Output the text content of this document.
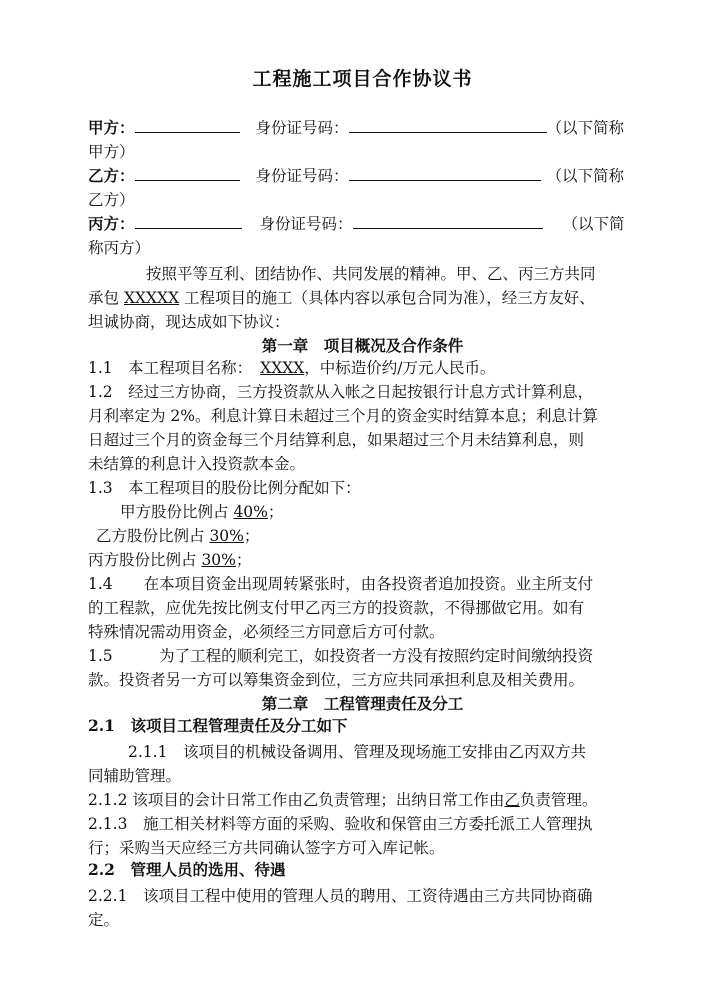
工程施工项目合作协议书
甲方：	身份证号码：	（以下简称
甲方）
乙方：	身份证号码：	（以下简称
乙方）
丙方：	身份证号码：	（以下简
称丙方）
按照平等互利、团结协作、共同发展的精神。甲、乙、丙三方共同
承包 XXXXX 工程项目的施工（具体内容以承包合同为准），经三方友好、
坦诚协商，现达成如下协议：
第一章　项目概况及合作条件
1.1　本工程项目名称： XXXX，中标造价约/万元人民币。
1.2　经过三方协商，三方投资款从入帐之日起按银行计息方式计算利息，
月利率定为 2%。利息计算日未超过三个月的资金实时结算本息；利息计算
日超过三个月的资金每三个月结算利息，如果超过三个月未结算利息，则
未结算的利息计入投资款本金。
1.3　本工程项目的股份比例分配如下：
甲方股份比例占 40%；
乙方股份比例占 30%；
丙方股份比例占 30%；
1.4　　在本项目资金出现周转紧张时，由各投资者追加投资。业主所支付
的工程款，应优先按比例支付甲乙丙三方的投资款，不得挪做它用。如有
特殊情况需动用资金，必须经三方同意后方可付款。
1.5　　　为了工程的顺利完工，如投资者一方没有按照约定时间缴纳投资
款。投资者另一方可以筹集资金到位，三方应共同承担利息及相关费用。
第二章　工程管理责任及分工
2.1　该项目工程管理责任及分工如下
2.1.1　该项目的机械设备调用、管理及现场施工安排由乙丙双方共
同辅助管理。
2.1.2 该项目的会计日常工作由乙负责管理；出纳日常工作由乙负责管理。
2.1.3　施工相关材料等方面的采购、验收和保管由三方委托派工人管理执
行；采购当天应经三方共同确认签字方可入库记帐。
2.2　管理人员的选用、待遇
2.2.1　该项目工程中使用的管理人员的聘用、工资待遇由三方共同协商确
定。
